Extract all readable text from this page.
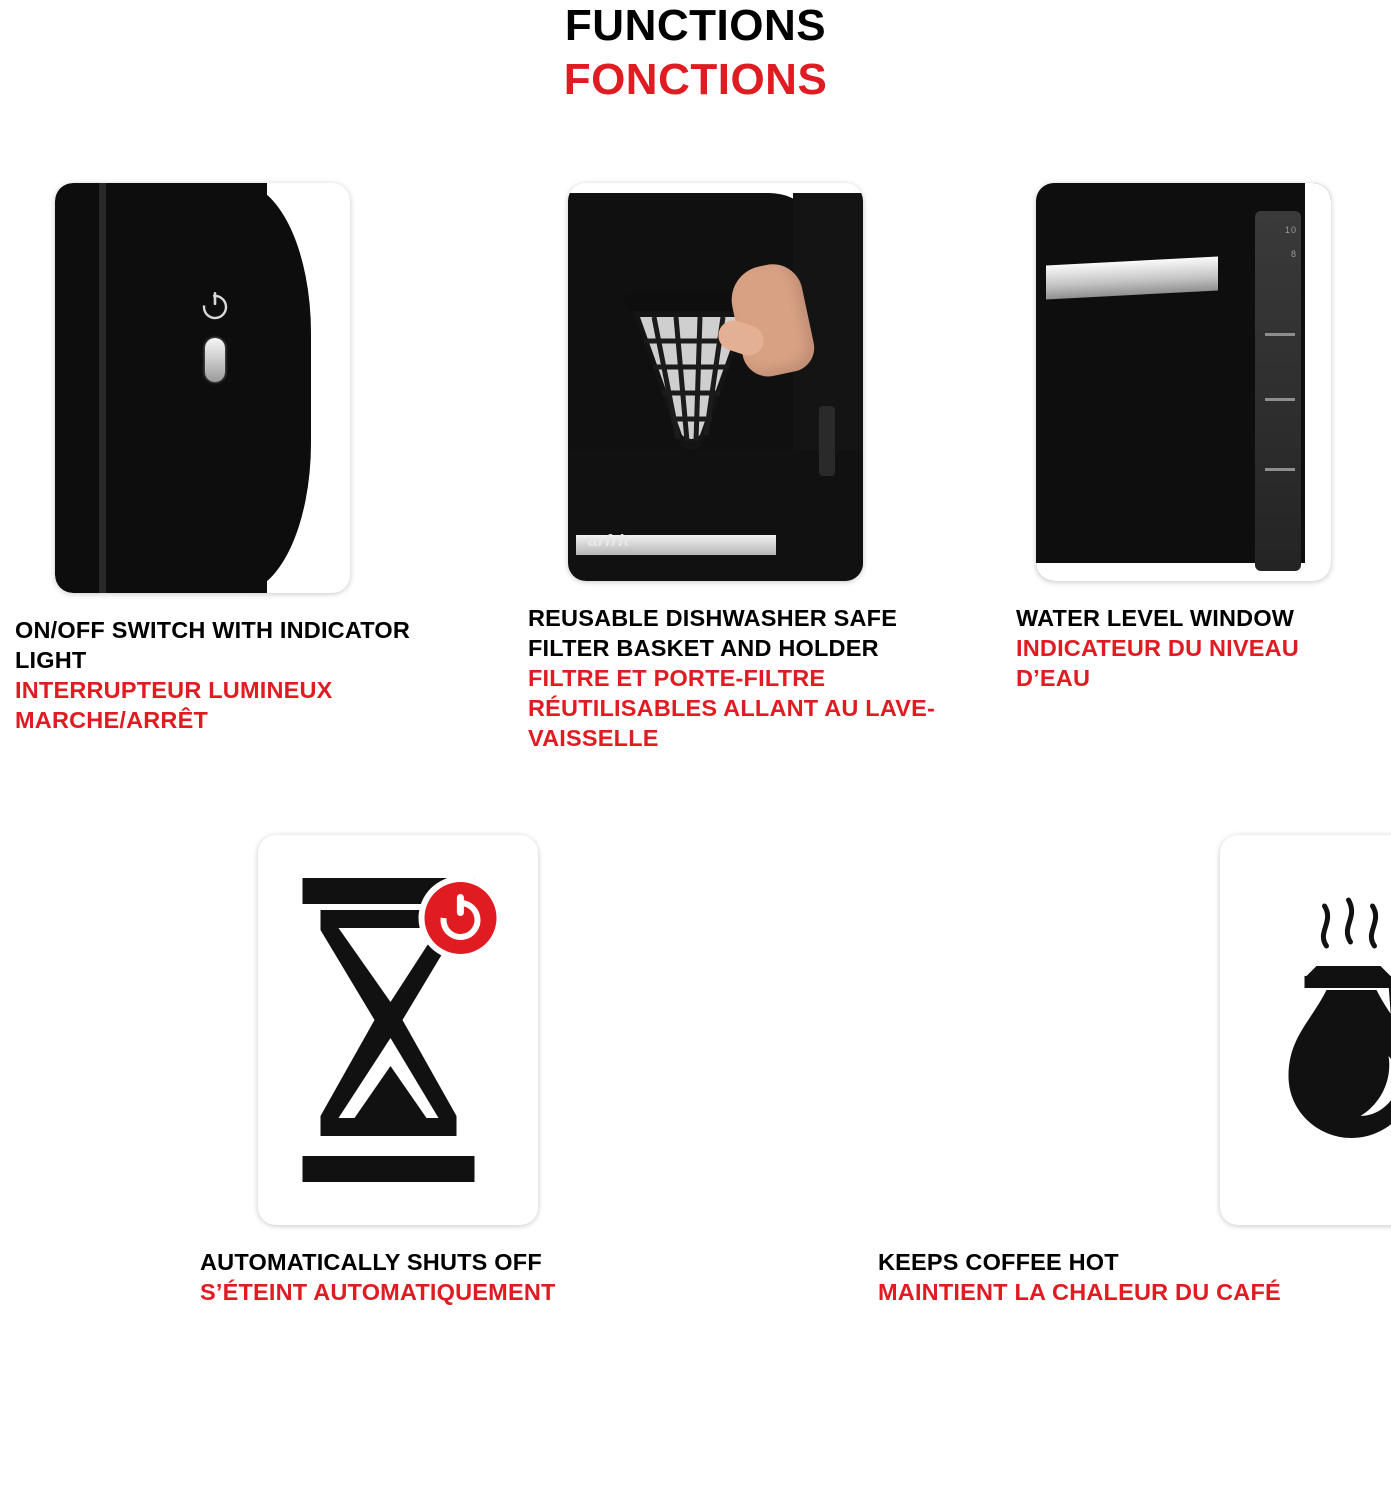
FUNCTIONS
FONCTIONS
ON/OFF SWITCH WITH INDICATOR LIGHT
INTERRUPTEUR LUMINEUX MARCHE/ARRÊT
arfrit
REUSABLE DISHWASHER SAFE FILTER BASKET AND HOLDER
FILTRE ET PORTE-FILTRE RÉUTILISABLES ALLANT AU LAVE-VAISSELLE
10
8
WATER LEVEL WINDOW
INDICATEUR DU NIVEAU D’EAU
AUTOMATICALLY SHUTS OFF
S’ÉTEINT AUTOMATIQUEMENT
KEEPS COFFEE HOT
MAINTIENT LA CHALEUR DU CAFÉ
